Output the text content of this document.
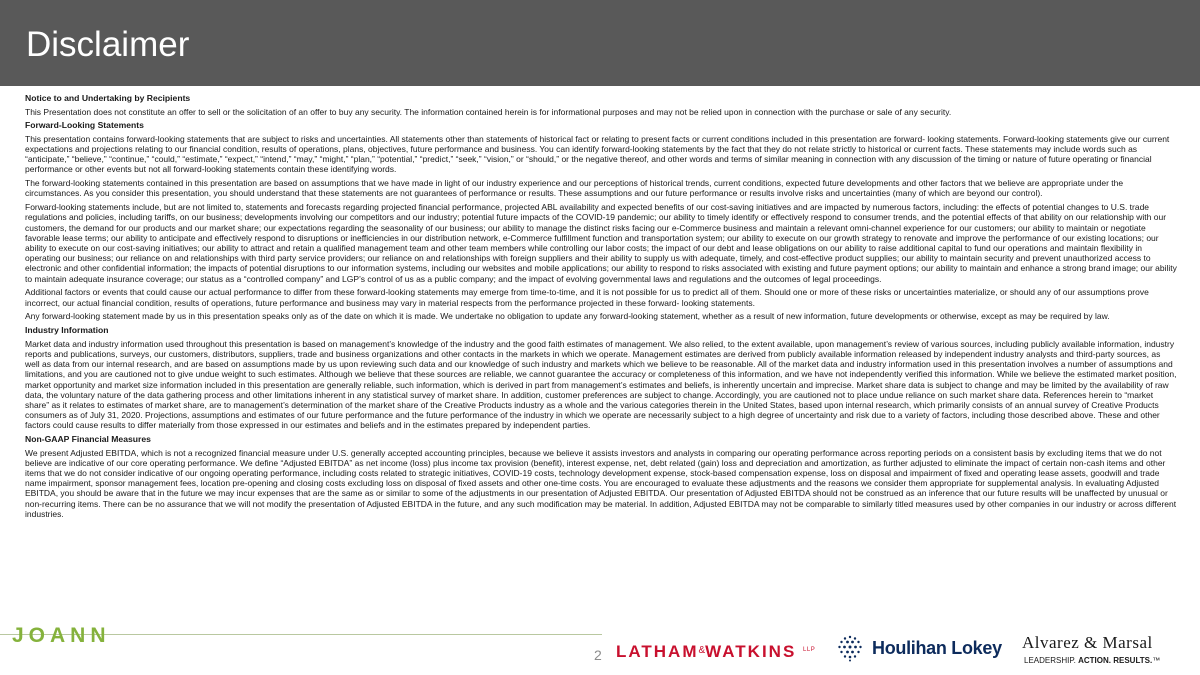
Disclaimer
Notice to and Undertaking by Recipients

This Presentation does not constitute an offer to sell or the solicitation of an offer to buy any security. The information contained herein is for informational purposes and may not be relied upon in connection with the purchase or sale of any security.

Forward-Looking Statements

This presentation contains forward-looking statements that are subject to risks and uncertainties. All statements other than statements of historical fact or relating to present facts or current conditions included in this presentation are forward- looking statements. Forward-looking statements give our current expectations and projections relating to our financial condition, results of operations, plans, objectives, future performance and business. You can identify forward-looking statements by the fact that they do not relate strictly to historical or current facts. These statements may include words such as “anticipate,” “believe,” “continue,” “could,” “estimate,” “expect,” “intend,” “may,” “might,” “plan,” “potential,” “predict,” “seek,” “vision,” or “should,” or the negative thereof, and other words and terms of similar meaning in connection with any discussion of the timing or nature of future operating or financial performance or other events but not all forward-looking statements contain these identifying words.

The forward-looking statements contained in this presentation are based on assumptions that we have made in light of our industry experience and our perceptions of historical trends, current conditions, expected future developments and other factors that we believe are appropriate under the circumstances. As you consider this presentation, you should understand that these statements are not guarantees of performance or results. These assumptions and our future performance or results involve risks and uncertainties (many of which are beyond our control).

Forward-looking statements include, but are not limited to, statements and forecasts regarding projected financial performance, projected ABL availability and expected benefits of our cost-saving initiatives and are impacted by numerous factors, including: the effects of potential changes to U.S. trade regulations and policies, including tariffs, on our business; developments involving our competitors and our industry; potential future impacts of the COVID-19 pandemic; our ability to timely identify or effectively respond to consumer trends, and the potential effects of that ability on our relationship with our customers, the demand for our products and our market share; our expectations regarding the seasonality of our business; our ability to manage the distinct risks facing our e-Commerce business and maintain a relevant omni-channel experience for our customers; our ability to maintain or negotiate favorable lease terms; our ability to anticipate and effectively respond to disruptions or inefficiencies in our distribution network, e-Commerce fulfillment function and transportation system; our ability to execute on our growth strategy to renovate and improve the performance of our existing locations; our ability to execute on our cost-saving initiatives; our ability to attract and retain a qualified management team and other team members while controlling our labor costs; the impact of our debt and lease obligations on our ability to raise additional capital to fund our operations and maintain flexibility in operating our business; our reliance on and relationships with third party service providers; our reliance on and relationships with foreign suppliers and their ability to supply us with adequate, timely, and cost-effective product supplies; our ability to maintain security and prevent unauthorized access to electronic and other confidential information; the impacts of potential disruptions to our information systems, including our websites and mobile applications; our ability to respond to risks associated with existing and future payment options; our ability to maintain and enhance a strong brand image; our ability to maintain adequate insurance coverage; our status as a “controlled company” and LGP’s control of us as a public company; and the impact of evolving governmental laws and regulations and the outcomes of legal proceedings.

Additional factors or events that could cause our actual performance to differ from these forward-looking statements may emerge from time-to-time, and it is not possible for us to predict all of them. Should one or more of these risks or uncertainties materialize, or should any of our assumptions prove incorrect, our actual financial condition, results of operations, future performance and business may vary in material respects from the performance projected in these forward- looking statements.

Any forward-looking statement made by us in this presentation speaks only as of the date on which it is made. We undertake no obligation to update any forward-looking statement, whether as a result of new information, future developments or otherwise, except as may be required by law.

Industry Information

Market data and industry information used throughout this presentation is based on management’s knowledge of the industry and the good faith estimates of management. We also relied, to the extent available, upon management’s review of various sources, including publicly available information, industry reports and publications, surveys, our customers, distributors, suppliers, trade and business organizations and other contacts in the markets in which we operate. Management estimates are derived from publicly available information released by independent industry analysts and third-party sources, as well as data from our internal research, and are based on assumptions made by us upon reviewing such data and our knowledge of such industry and markets which we believe to be reasonable. All of the market data and industry information used in this presentation involves a number of assumptions and limitations, and you are cautioned not to give undue weight to such estimates. Although we believe that these sources are reliable, we cannot guarantee the accuracy or completeness of this information, and we have not independently verified this information. While we believe the estimated market position, market opportunity and market size information included in this presentation are generally reliable, such information, which is derived in part from management’s estimates and beliefs, is inherently uncertain and imprecise. Market share data is subject to change and may be limited by the availability of raw data, the voluntary nature of the data gathering process and other limitations inherent in any statistical survey of market share. In addition, customer preferences are subject to change. Accordingly, you are cautioned not to place undue reliance on such market share data. References herein to “market share” as it relates to estimates of market share, are to management’s determination of the market share of the Creative Products industry as a whole and the various categories therein in the United States, based upon internal research, which primarily consists of an annual survey of Creative Products consumers as of July 31, 2020. Projections, assumptions and estimates of our future performance and the future performance of the industry in which we operate are necessarily subject to a high degree of uncertainty and risk due to a variety of factors, including those described above. These and other factors could cause results to differ materially from those expressed in our estimates and beliefs and in the estimates prepared by independent parties.

Non-GAAP Financial Measures

We present Adjusted EBITDA, which is not a recognized financial measure under U.S. generally accepted accounting principles, because we believe it assists investors and analysts in comparing our operating performance across reporting periods on a consistent basis by excluding items that we do not believe are indicative of our core operating performance. We define “Adjusted EBITDA” as net income (loss) plus income tax provision (benefit), interest expense, net, debt related (gain) loss and depreciation and amortization, as further adjusted to eliminate the impact of certain non-cash items and other items that we do not consider indicative of our ongoing operating performance, including costs related to strategic initiatives, COVID-19 costs, technology development expense, stock-based compensation expense, loss on disposal and impairment of fixed and operating lease assets, goodwill and trade name impairment, sponsor management fees, location pre-opening and closing costs excluding loss on disposal of fixed assets and other one-time costs. You are encouraged to evaluate these adjustments and the reasons we consider them appropriate for supplemental analysis. In evaluating Adjusted EBITDA, you should be aware that in the future we may incur expenses that are the same as or similar to some of the adjustments in our presentation of Adjusted EBITDA. Our presentation of Adjusted EBITDA should not be construed as an inference that our future results will be unaffected by unusual or non-recurring items. There can be no assurance that we will not modify the presentation of Adjusted EBITDA in the future, and any such modification may be material. In addition, Adjusted EBITDA may not be comparable to similarly titled measures used by other companies in our industry or across different industries.

JOANN
2 LATHAM&WATKINS $^{LLP}$	Houlihan Lokey Alvarez & Marsal
LEADERSHIP. ACTION. RESULTS.™
